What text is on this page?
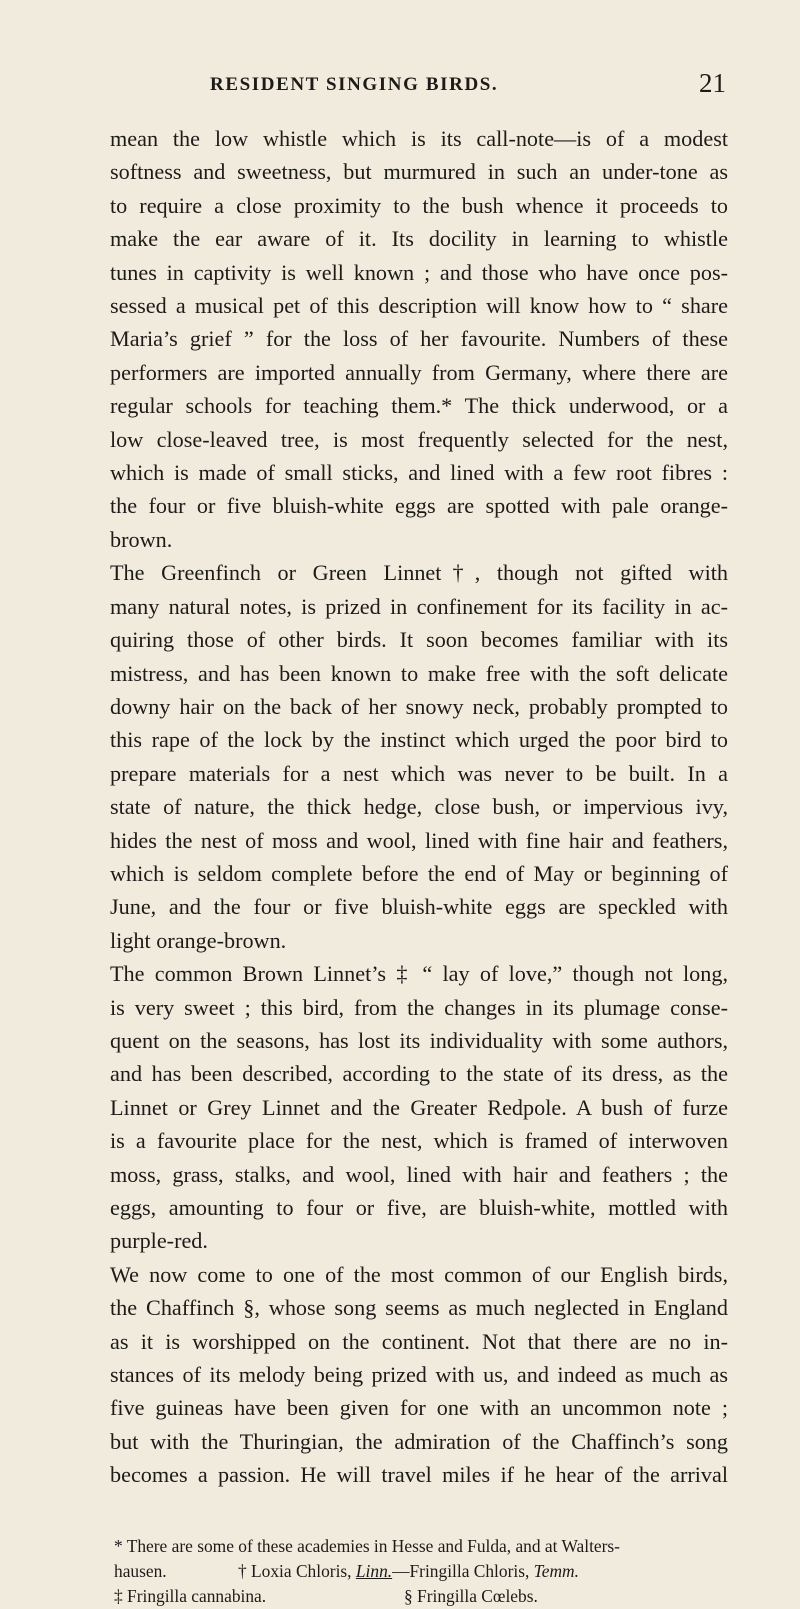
RESIDENT SINGING BIRDS.	21
mean the low whistle which is its call-note—is of a modest
softness and sweetness, but murmured in such an under-tone as
to require a close proximity to the bush whence it proceeds to
make the ear aware of it. Its docility in learning to whistle
tunes in captivity is well known ; and those who have once pos-
sessed a musical pet of this description will know how to “ share
Maria’s grief ” for the loss of her favourite. Numbers of these
performers are imported annually from Germany, where there are
regular schools for teaching them.* The thick underwood, or a
low close-leaved tree, is most frequently selected for the nest,
which is made of small sticks, and lined with a few root fibres :
the four or five bluish-white eggs are spotted with pale orange-
brown.
The Greenfinch or Green Linnet†, though not gifted with
many natural notes, is prized in confinement for its facility in ac-
quiring those of other birds. It soon becomes familiar with its
mistress, and has been known to make free with the soft delicate
downy hair on the back of her snowy neck, probably prompted to
this rape of the lock by the instinct which urged the poor bird to
prepare materials for a nest which was never to be built. In a
state of nature, the thick hedge, close bush, or impervious ivy,
hides the nest of moss and wool, lined with fine hair and feathers,
which is seldom complete before the end of May or beginning of
June, and the four or five bluish-white eggs are speckled with
light orange-brown.
The common Brown Linnet’s ‡ “ lay of love,” though not long,
is very sweet ; this bird, from the changes in its plumage conse-
quent on the seasons, has lost its individuality with some authors,
and has been described, according to the state of its dress, as the
Linnet or Grey Linnet and the Greater Redpole. A bush of furze
is a favourite place for the nest, which is framed of interwoven
moss, grass, stalks, and wool, lined with hair and feathers ; the
eggs, amounting to four or five, are bluish-white, mottled with
purple-red.
We now come to one of the most common of our English birds,
the Chaffinch §, whose song seems as much neglected in England
as it is worshipped on the continent. Not that there are no in-
stances of its melody being prized with us, and indeed as much as
five guineas have been given for one with an uncommon note ;
but with the Thuringian, the admiration of the Chaffinch’s song
becomes a passion. He will travel miles if he hear of the arrival
* There are some of these academies in Hesse and Fulda, and at Walters-
hausen.	† Loxia Chloris, Linn.—Fringilla Chloris, Temm.
‡ Fringilla cannabina.	§ Fringilla Cœlebs.
